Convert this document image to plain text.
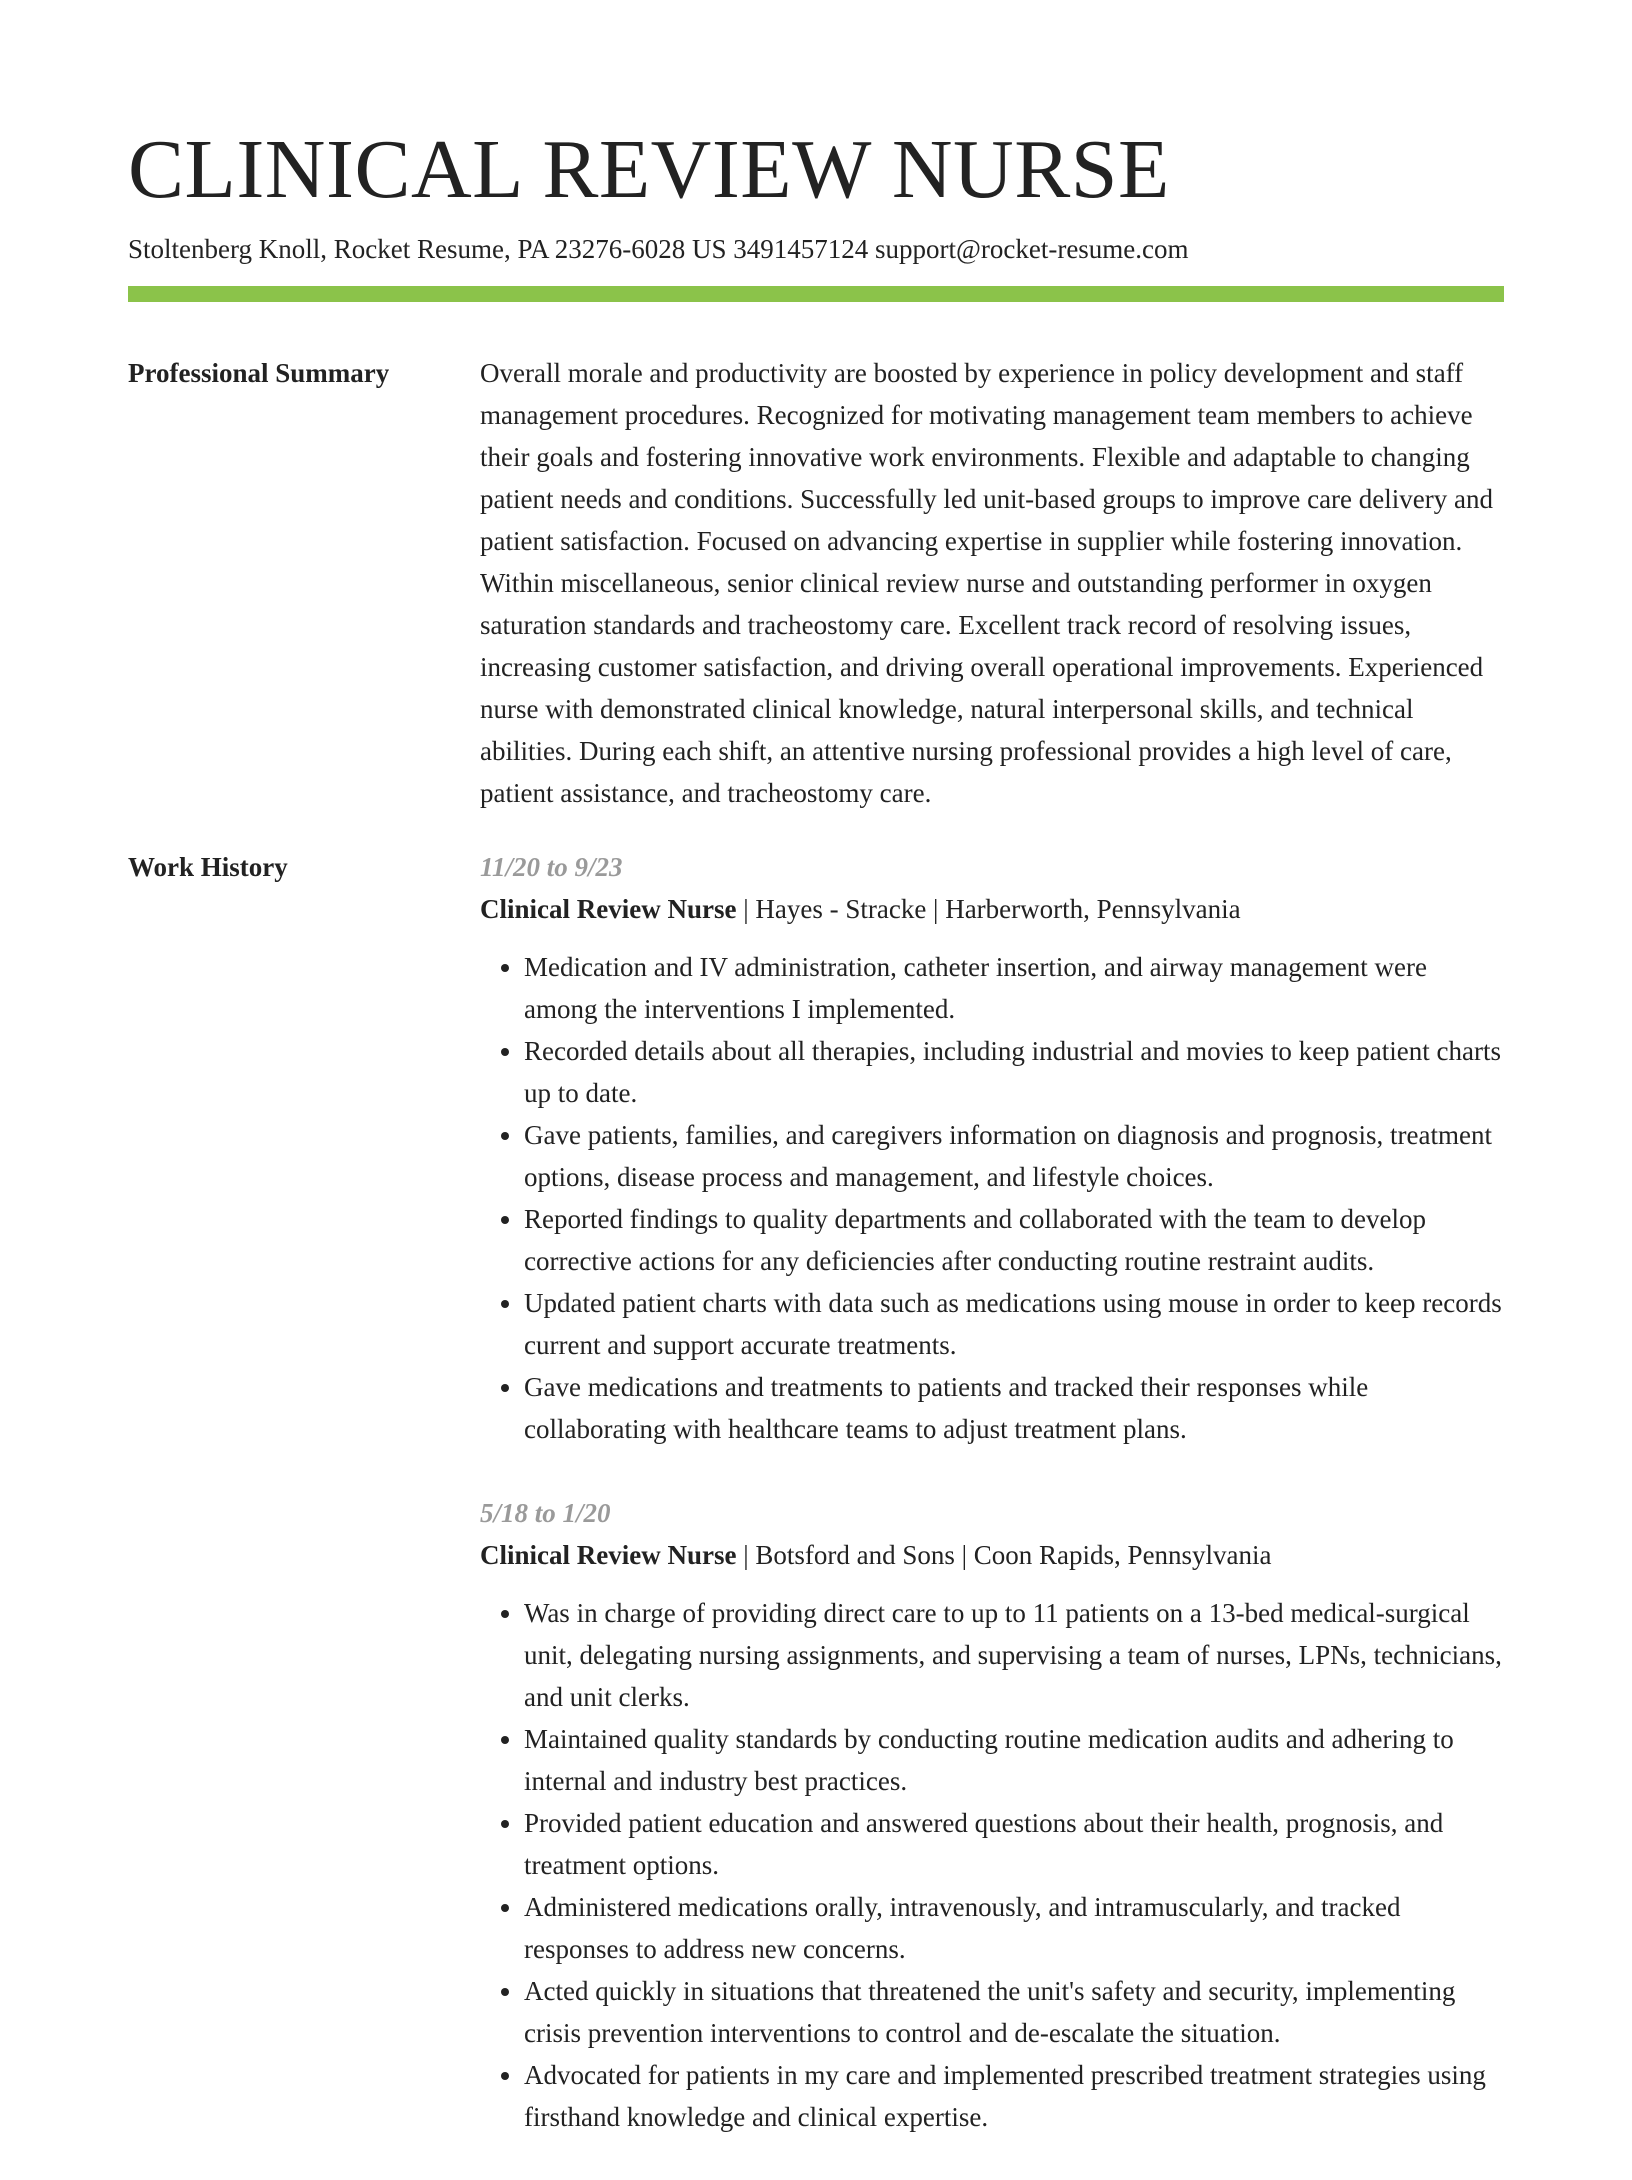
CLINICAL REVIEW NURSE
Stoltenberg Knoll, Rocket Resume, PA 23276-6028 US 3491457124 support@rocket-resume.com
Professional Summary	Overall morale and productivity are boosted by experience in policy development and staff management procedures. Recognized for motivating management team members to achieve their goals and fostering innovative work environments. Flexible and adaptable to changing patient needs and conditions. Successfully led unit-based groups to improve care delivery and patient satisfaction. Focused on advancing expertise in supplier while fostering innovation. Within miscellaneous, senior clinical review nurse and outstanding performer in oxygen saturation standards and tracheostomy care. Excellent track record of resolving issues, increasing customer satisfaction, and driving overall operational improvements. Experienced nurse with demonstrated clinical knowledge, natural interpersonal skills, and technical abilities. During each shift, an attentive nursing professional provides a high level of care, patient assistance, and tracheostomy care.

Work History	11/20 to 9/23
Clinical Review Nurse | Hayes - Stracke | Harberworth, Pennsylvania
• Medication and IV administration, catheter insertion, and airway management were among the interventions I implemented.
• Recorded details about all therapies, including industrial and movies to keep patient charts up to date.
• Gave patients, families, and caregivers information on diagnosis and prognosis, treatment options, disease process and management, and lifestyle choices.
• Reported findings to quality departments and collaborated with the team to develop corrective actions for any deficiencies after conducting routine restraint audits.
• Updated patient charts with data such as medications using mouse in order to keep records current and support accurate treatments.
• Gave medications and treatments to patients and tracked their responses while collaborating with healthcare teams to adjust treatment plans.
5/18 to 1/20
Clinical Review Nurse | Botsford and Sons | Coon Rapids, Pennsylvania
• Was in charge of providing direct care to up to 11 patients on a 13-bed medical-surgical unit, delegating nursing assignments, and supervising a team of nurses, LPNs, technicians, and unit clerks.
• Maintained quality standards by conducting routine medication audits and adhering to internal and industry best practices.
• Provided patient education and answered questions about their health, prognosis, and treatment options.
• Administered medications orally, intravenously, and intramuscularly, and tracked responses to address new concerns.
• Acted quickly in situations that threatened the unit's safety and security, implementing crisis prevention interventions to control and de-escalate the situation.
• Advocated for patients in my care and implemented prescribed treatment strategies using firsthand knowledge and clinical expertise.
